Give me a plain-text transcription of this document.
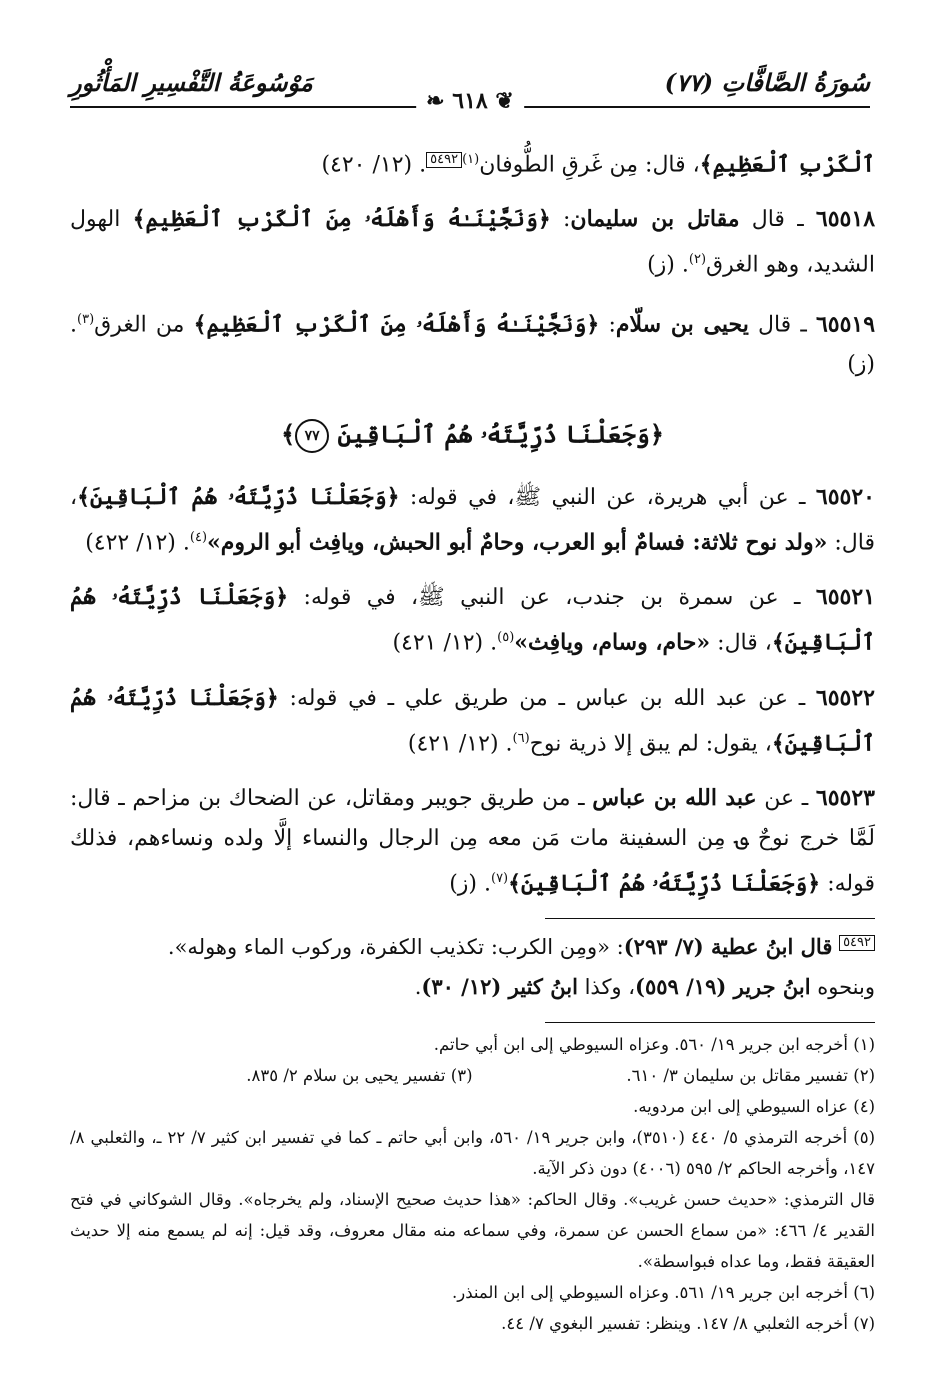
سُورَةُ الصَّافَّاتِ (٧٧)
مَوْسُوعَةُ التَّفْسِيرِ المَأْثُورِ
❦ ٦١٨ ❧

ٱلْكَرْبِ ٱلْعَظِيمِ﴾، قال: مِن غَرقِ الطُّوفان$^{(١)}$٥٤٩٢. (١٢/ ٤٢٠)

٦٥٥١٨ ـ قال مقاتل بن سليمان: ﴿وَنَجَّيْنَـٰهُ وَأَهْلَهُۥ مِنَ ٱلْكَرْبِ ٱلْعَظِيمِ﴾ الهول الشديد، وهو الغرق$^{(٢)}$. (ز)

٦٥٥١٩ ـ قال يحيى بن سلّام: ﴿وَنَجَّيْنَـٰهُ وَأَهْلَهُۥ مِنَ ٱلْكَرْبِ ٱلْعَظِيمِ﴾ من الغرق$^{(٣)}$. (ز)

﴿وَجَعَلْنَا ذُرِّيَّتَهُۥ هُمُ ٱلْبَاقِينَ ٧٧﴾

٦٥٥٢٠ ـ عن أبي هريرة، عن النبي ﷺ، في قوله: ﴿وَجَعَلْنَا ذُرِّيَّتَهُۥ هُمُ ٱلْبَاقِينَ﴾، قال: «ولد نوح ثلاثة: فسامٌ أبو العرب، وحامٌ أبو الحبش، ويافِث أبو الروم»$^{(٤)}$. (١٢/ ٤٢٢)

٦٥٥٢١ ـ عن سمرة بن جندب، عن النبي ﷺ، في قوله: ﴿وَجَعَلْنَا ذُرِّيَّتَهُۥ هُمُ ٱلْبَاقِينَ﴾، قال: «حام، وسام، ويافِث»$^{(٥)}$. (١٢/ ٤٢١)

٦٥٥٢٢ ـ عن عبد الله بن عباس ـ من طريق علي ـ في قوله: ﴿وَجَعَلْنَا ذُرِّيَّتَهُۥ هُمُ ٱلْبَاقِينَ﴾، يقول: لم يبق إلا ذرية نوح$^{(٦)}$. (١٢/ ٤٢١)

٦٥٥٢٣ ـ عن عبد الله بن عباس ـ من طريق جويبر ومقاتل، عن الضحاك بن مزاحم ـ قال: لَمَّا خرج نوحٌ ؈ مِن السفينة مات مَن معه مِن الرجال والنساء إلَّا ولده ونساءهم، فذلك قوله: ﴿وَجَعَلْنَا ذُرِّيَّتَهُۥ هُمُ ٱلْبَاقِينَ﴾$^{(٧)}$. (ز)

٥٤٩٢ قال ابنُ عطية (٧/ ٢٩٣): «ومِن الكرب: تكذيب الكفرة، وركوب الماء وهوله».
وبنحوه ابنُ جرير (١٩/ ٥٥٩)، وكذا ابنُ كثير (١٢/ ٣٠).

(١) أخرجه ابن جرير ١٩/ ٥٦٠. وعزاه السيوطي إلى ابن أبي حاتم.

(٢) تفسير مقاتل بن سليمان ٣/ ٦١٠.

(٣) تفسير يحيى بن سلام ٢/ ٨٣٥.

(٤) عزاه السيوطي إلى ابن مردويه.

(٥) أخرجه الترمذي ٥/ ٤٤٠ (٣٥١٠)، وابن جرير ١٩/ ٥٦٠، وابن أبي حاتم ـ كما في تفسير ابن كثير ٧/ ٢٢ ـ، والثعلبي ٨/ ١٤٧، وأخرجه الحاكم ٢/ ٥٩٥ (٤٠٠٦) دون ذكر الآية.

قال الترمذي: «حديث حسن غريب». وقال الحاكم: «هذا حديث صحيح الإسناد، ولم يخرجاه». وقال الشوكاني في فتح القدير ٤/ ٤٦٦: «من سماع الحسن عن سمرة، وفي سماعه منه مقال معروف، وقد قيل: إنه لم يسمع منه إلا حديث العقيقة فقط، وما عداه فبواسطة».

(٦) أخرجه ابن جرير ١٩/ ٥٦١. وعزاه السيوطي إلى ابن المنذر.

(٧) أخرجه الثعلبي ٨/ ١٤٧. وينظر: تفسير البغوي ٧/ ٤٤.
